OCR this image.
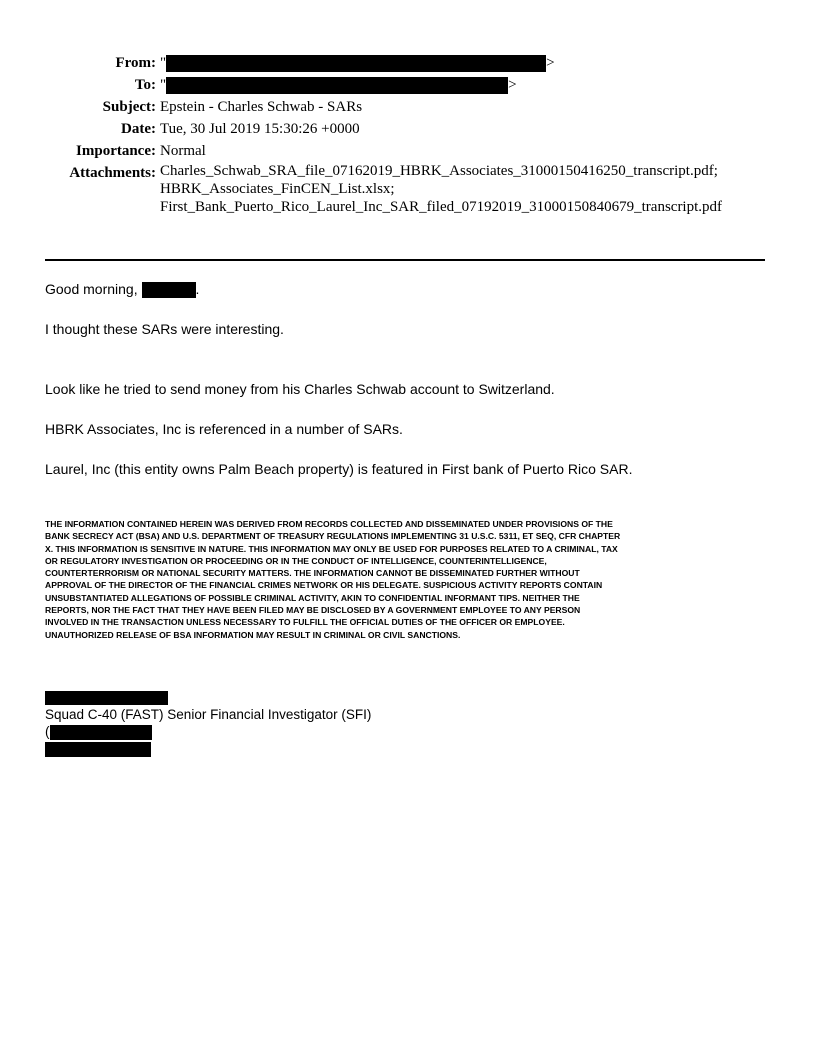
From: "	>
To: "	>
Subject: Epstein - Charles Schwab - SARs
Date: Tue, 30 Jul 2019 15:30:26 +0000
Importance: Normal
Attachments: Charles_Schwab_SRA_file_07162019_HBRK_Associates_31000150416250_transcript.pdf;
HBRK_Associates_FinCEN_List.xlsx;
First_Bank_Puerto_Rico_Laurel_Inc_SAR_filed_07192019_31000150840679_transcript.pdf

Good morning,	.

I thought these SARs were interesting.

Look like he tried to send money from his Charles Schwab account to Switzerland.

HBRK Associates, Inc is referenced in a number of SARs.

Laurel, Inc (this entity owns Palm Beach property) is featured in First bank of Puerto Rico SAR.

THE INFORMATION CONTAINED HEREIN WAS DERIVED FROM RECORDS COLLECTED AND DISSEMINATED UNDER PROVISIONS OF THE BANK SECRECY ACT (BSA) AND U.S. DEPARTMENT OF TREASURY REGULATIONS IMPLEMENTING 31 U.S.C. 5311, ET SEQ, CFR CHAPTER X. THIS INFORMATION IS SENSITIVE IN NATURE. THIS INFORMATION MAY ONLY BE USED FOR PURPOSES RELATED TO A CRIMINAL, TAX OR REGULATORY INVESTIGATION OR PROCEEDING OR IN THE CONDUCT OF INTELLIGENCE, COUNTERINTELLIGENCE, COUNTERTERRORISM OR NATIONAL SECURITY MATTERS. THE INFORMATION CANNOT BE DISSEMINATED FURTHER WITHOUT APPROVAL OF THE DIRECTOR OF THE FINANCIAL CRIMES NETWORK OR HIS DELEGATE. SUSPICIOUS ACTIVITY REPORTS CONTAIN UNSUBSTANTIATED ALLEGATIONS OF POSSIBLE CRIMINAL ACTIVITY, AKIN TO CONFIDENTIAL INFORMANT TIPS. NEITHER THE REPORTS, NOR THE FACT THAT THEY HAVE BEEN FILED MAY BE DISCLOSED BY A GOVERNMENT EMPLOYEE TO ANY PERSON INVOLVED IN THE TRANSACTION UNLESS NECESSARY TO FULFILL THE OFFICIAL DUTIES OF THE OFFICER OR EMPLOYEE. UNAUTHORIZED RELEASE OF BSA INFORMATION MAY RESULT IN CRIMINAL OR CIVIL SANCTIONS.
Squad C-40 (FAST) Senior Financial Investigator (SFI)
(
